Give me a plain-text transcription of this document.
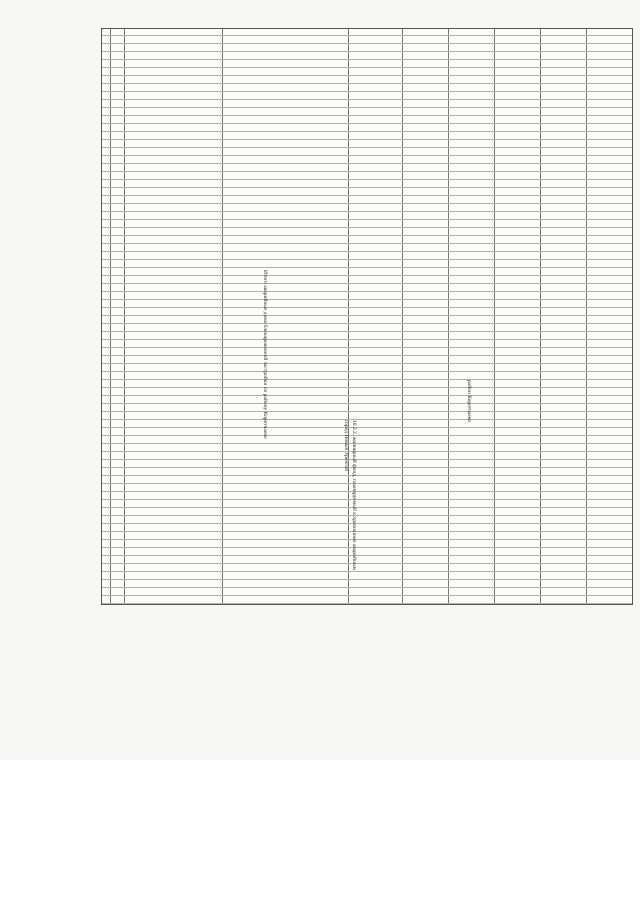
Итого аварийные дома блокированной застройки по району Коротчаево
10.3.2. жилищный фонд, планируемый к признанию аварийным
город Новый Уренгой
район Коротчаево
